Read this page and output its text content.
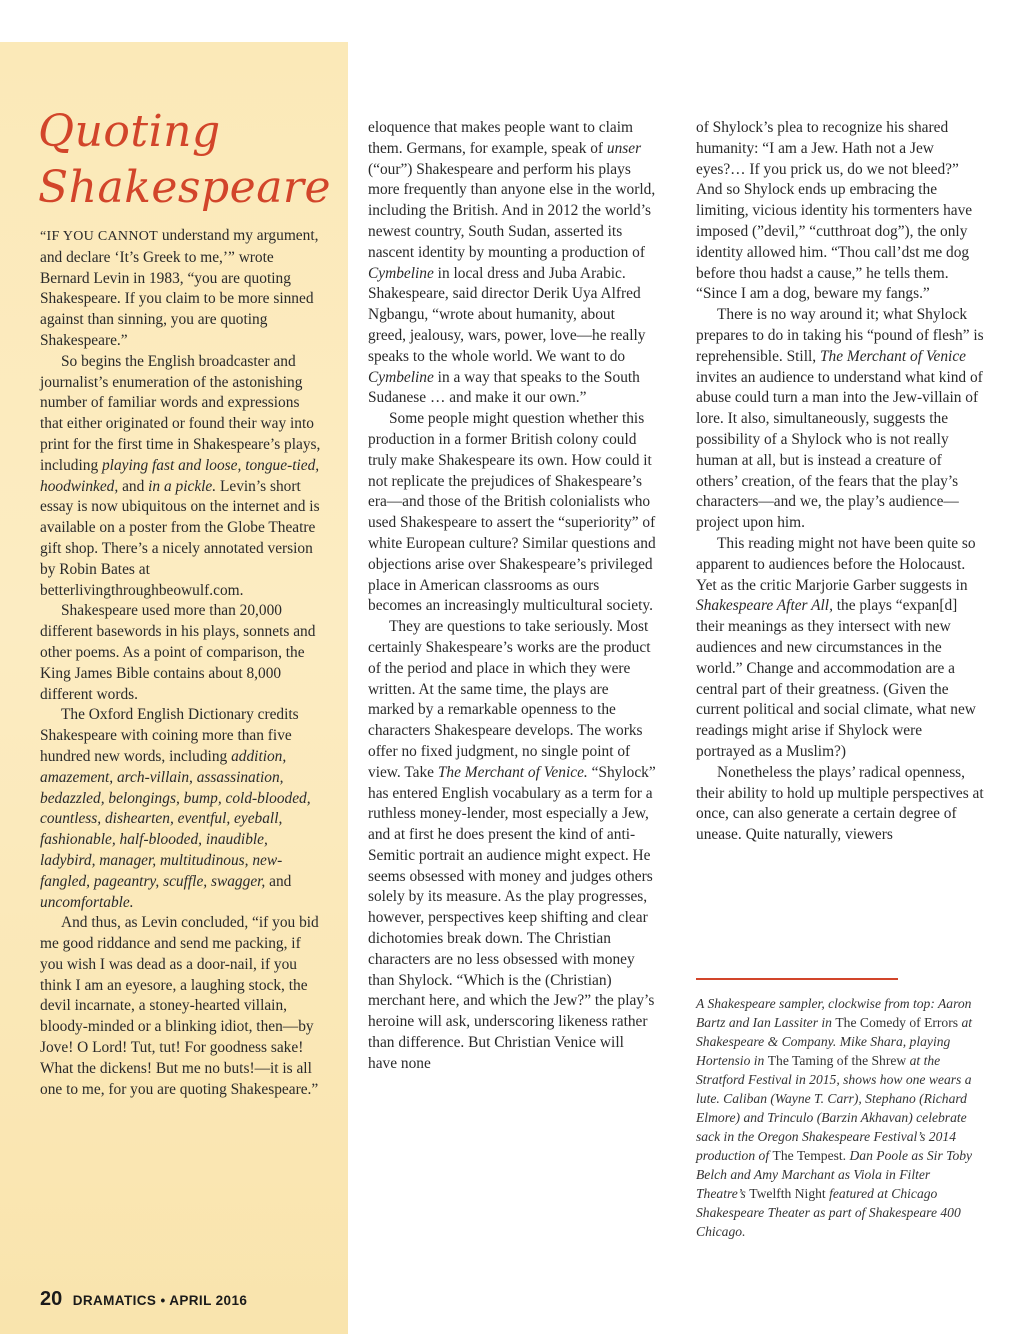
Quoting
Shakespeare

“IF YOU CANNOT understand my argument, and declare ‘It’s Greek to me,’” wrote Bernard Levin in 1983, “you are quoting Shakespeare. If you claim to be more sinned against than sinning, you are quoting Shakespeare.”

So begins the English broadcaster and journalist’s enumeration of the astonishing number of familiar words and expressions that either originated or found their way into print for the first time in Shakespeare’s plays, including playing fast and loose, tongue-tied, hoodwinked, and in a pickle. Levin’s short essay is now ubiquitous on the internet and is available on a poster from the Globe Theatre gift shop. There’s a nicely annotated version by Robin Bates at betterlivingthroughbeowulf.com.

Shakespeare used more than 20,000 different basewords in his plays, sonnets and other poems. As a point of comparison, the King James Bible contains about 8,000 different words.

The Oxford English Dictionary credits Shakespeare with coining more than five hundred new words, including addition, amazement, arch-villain, assassination, bedazzled, belongings, bump, cold-blooded, countless, dishearten, eventful, eyeball, fashionable, half-blooded, inaudible, ladybird, manager, multitudinous, new-fangled, pageantry, scuffle, swagger, and uncomfortable.

And thus, as Levin concluded, “if you bid me good riddance and send me packing, if you wish I was dead as a door-nail, if you think I am an eyesore, a laughing stock, the devil incarnate, a stoney-hearted villain, bloody-minded or a blinking idiot, then—by Jove! O Lord! Tut, tut! For goodness sake! What the dickens! But me no buts!—it is all one to me, for you are quoting Shakespeare.”

eloquence that makes people want to claim them. Germans, for example, speak of unser (“our”) Shakespeare and perform his plays more frequently than anyone else in the world, including the British. And in 2012 the world’s newest country, South Sudan, asserted its nascent identity by mounting a production of Cymbeline in local dress and Juba Arabic. Shakespeare, said director Derik Uya Alfred Ngbangu, “wrote about humanity, about greed, jealousy, wars, power, love—he really speaks to the whole world. We want to do Cymbeline in a way that speaks to the South Sudanese … and make it our own.”

Some people might question whether this production in a former British colony could truly make Shakespeare its own. How could it not replicate the prejudices of Shakespeare’s era—and those of the British colonialists who used Shakespeare to assert the “superiority” of white European culture? Similar questions and objections arise over Shakespeare’s privileged place in American classrooms as ours becomes an increasingly multicultural society.

They are questions to take seriously. Most certainly Shakespeare’s works are the product of the period and place in which they were written. At the same time, the plays are marked by a remarkable openness to the characters Shakespeare develops. The works offer no fixed judgment, no single point of view. Take The Merchant of Venice. “Shylock” has entered English vocabulary as a term for a ruthless money-lender, most especially a Jew, and at first he does present the kind of anti-Semitic portrait an audience might expect. He seems obsessed with money and judges others solely by its measure. As the play progresses, however, perspectives keep shifting and clear dichotomies break down. The Christian characters are no less obsessed with money than Shylock. “Which is the (Christian) merchant here, and which the Jew?” the play’s heroine will ask, underscoring likeness rather than difference. But Christian Venice will have none

of Shylock’s plea to recognize his shared humanity: “I am a Jew. Hath not a Jew eyes?… If you prick us, do we not bleed?” And so Shylock ends up embracing the limiting, vicious identity his tormenters have imposed (”devil,” “cutthroat dog”), the only identity allowed him. “Thou call’dst me dog before thou hadst a cause,” he tells them. “Since I am a dog, beware my fangs.”

There is no way around it; what Shylock prepares to do in taking his “pound of flesh” is reprehensible. Still, The Merchant of Venice invites an audience to understand what kind of abuse could turn a man into the Jew-villain of lore. It also, simultaneously, suggests the possibility of a Shylock who is not really human at all, but is instead a creature of others’ creation, of the fears that the play’s characters—and we, the play’s audience—project upon him.

This reading might not have been quite so apparent to audiences before the Holocaust. Yet as the critic Marjorie Garber suggests in Shakespeare After All, the plays “expan[d] their meanings as they intersect with new audiences and new circumstances in the world.” Change and accommodation are a central part of their greatness. (Given the current political and social climate, what new readings might arise if Shylock were portrayed as a Muslim?)

Nonetheless the plays’ radical openness, their ability to hold up multiple perspectives at once, can also generate a certain degree of unease. Quite naturally, viewers

A Shakespeare sampler, clockwise from top: Aaron Bartz and Ian Lassiter in The Comedy of Errors at Shakespeare & Company. Mike Shara, playing Hortensio in The Taming of the Shrew at the Stratford Festival in 2015, shows how one wears a lute. Caliban (Wayne T. Carr), Stephano (Richard Elmore) and Trinculo (Barzin Akhavan) celebrate sack in the Oregon Shakespeare Festival’s 2014 production of The Tempest. Dan Poole as Sir Toby Belch and Amy Marchant as Viola in Filter Theatre’s Twelfth Night featured at Chicago Shakespeare Theater as part of Shakespeare 400 Chicago.

20 DRAMATICS • APRIL 2016
